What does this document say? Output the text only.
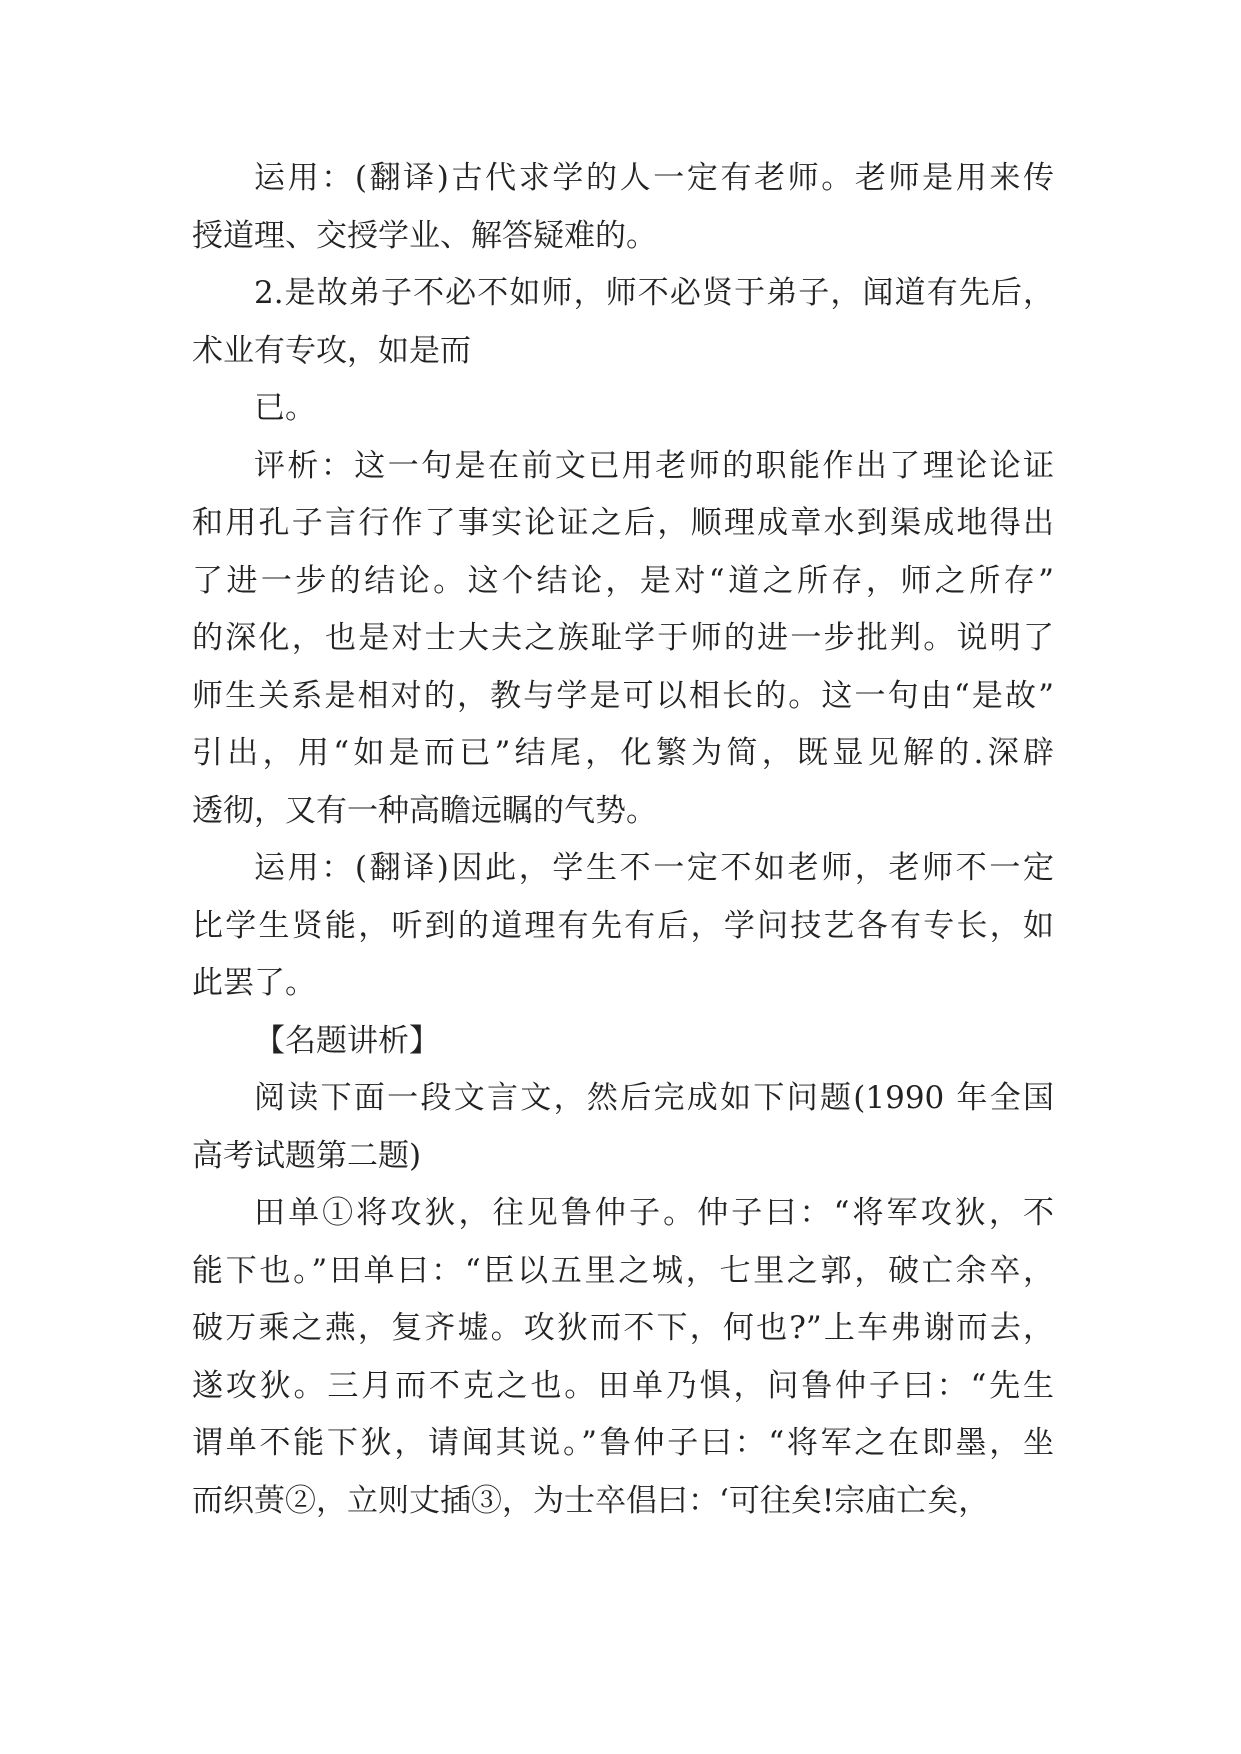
运用：(翻译)古代求学的人一定有老师。老师是用来传
授道理、交授学业、解答疑难的。
2.是故弟子不必不如师，师不必贤于弟子，闻道有先后，
术业有专攻，如是而
已。
评析：这一句是在前文已用老师的职能作出了理论论证
和用孔子言行作了事实论证之后，顺理成章水到渠成地得出
了进一步的结论。这个结论，是对“道之所存，师之所存”
的深化，也是对士大夫之族耻学于师的进一步批判。说明了
师生关系是相对的，教与学是可以相长的。这一句由“是故”
引出，用“如是而已”结尾，化繁为简，既显见解的.深辟
透彻，又有一种高瞻远瞩的气势。
运用：(翻译)因此，学生不一定不如老师，老师不一定
比学生贤能，听到的道理有先有后，学问技艺各有专长，如
此罢了。
【名题讲析】
阅读下面一段文言文，然后完成如下问题(1990 年全国
高考试题第二题)
田单①将攻狄，往见鲁仲子。仲子曰：“将军攻狄，不
能下也。”田单曰：“臣以五里之城，七里之郭，破亡余卒，
破万乘之燕，复齐墟。攻狄而不下，何也?”上车弗谢而去，
遂攻狄。三月而不克之也。田单乃惧，问鲁仲子曰：“先生
谓单不能下狄，请闻其说。”鲁仲子曰：“将军之在即墨，坐
而织蒉②，立则丈插③，为士卒倡曰：‘可往矣!宗庙亡矣，
